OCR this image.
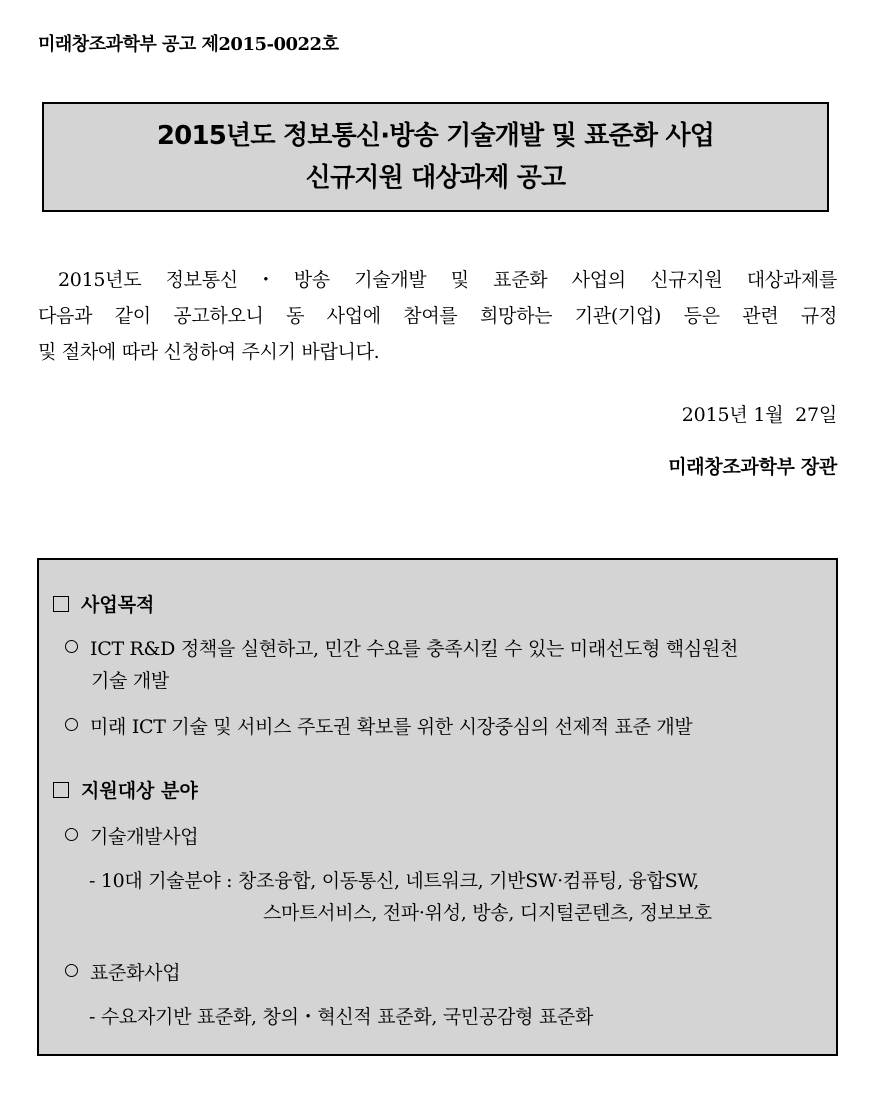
미래창조과학부 공고 제2015-0022호
2015년도 정보통신·방송 기술개발 및 표준화 사업
신규지원 대상과제 공고
2015년도 정보통신・방송 기술개발 및 표준화 사업의 신규지원 대상과제를
다음과 같이 공고하오니 동 사업에 참여를 희망하는 기관(기업) 등은 관련 규정
및 절차에 따라 신청하여 주시기 바랍니다.
2015년 1월  27일
미래창조과학부 장관
사업목적
ICT R&D 정책을 실현하고, 민간 수요를 충족시킬 수 있는 미래선도형 핵심원천
기술 개발
미래 ICT 기술 및 서비스 주도권 확보를 위한 시장중심의 선제적 표준 개발
지원대상 분야
기술개발사업
- 10대 기술분야 : 창조융합, 이동통신, 네트워크, 기반SW·컴퓨팅, 융합SW,
스마트서비스, 전파·위성, 방송, 디지털콘텐츠, 정보보호
표준화사업
- 수요자기반 표준화, 창의・혁신적 표준화, 국민공감형 표준화
